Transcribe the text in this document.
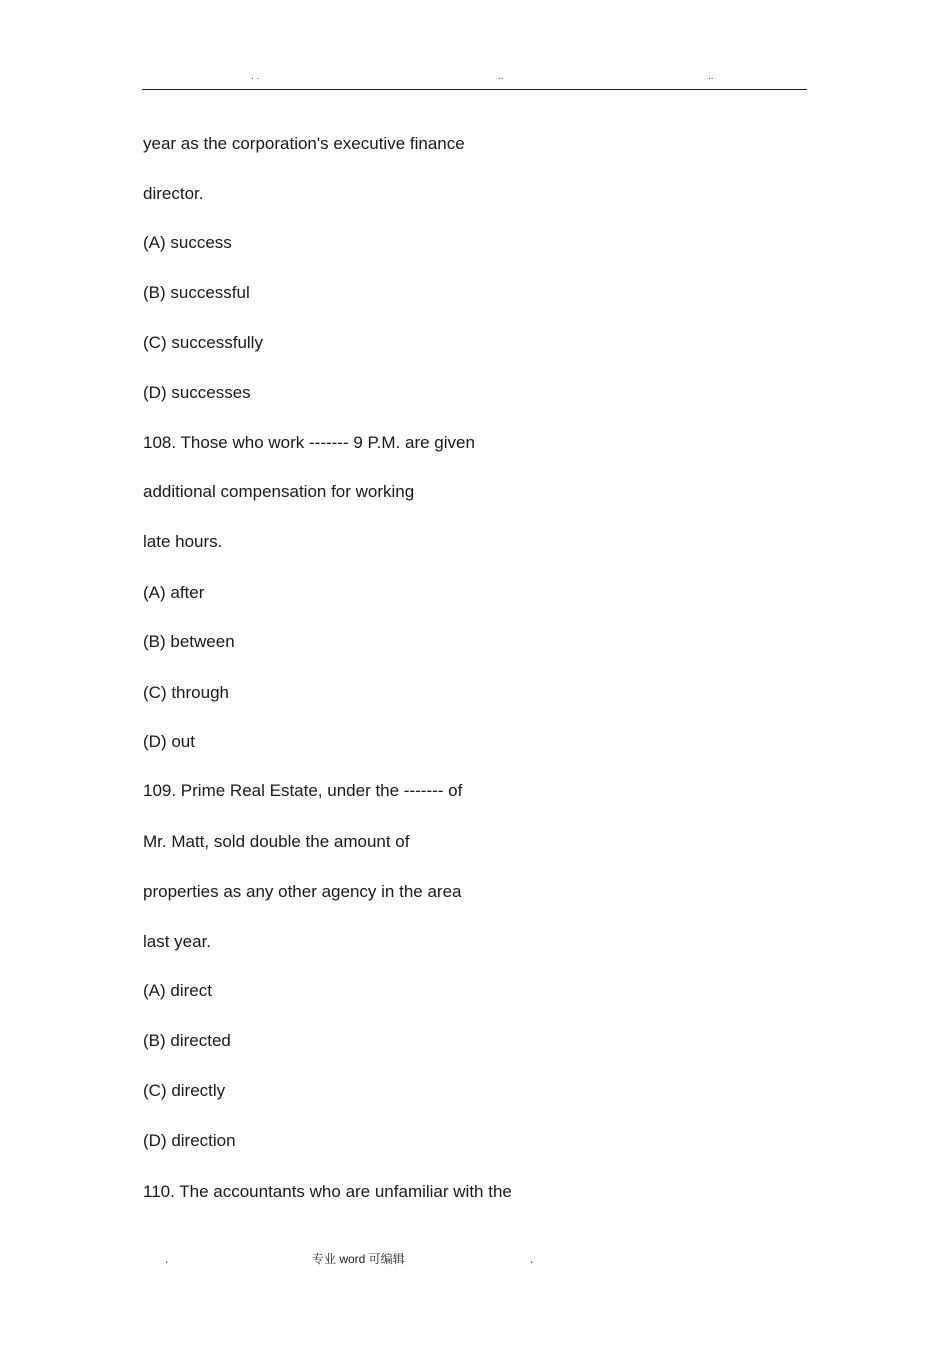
. .	..	..
year as the corporation's executive finance
director.
(A) success
(B) successful
(C) successfully
(D) successes
108. Those who work ------- 9 P.M. are given
additional compensation for working
late hours.
(A) after
(B) between
(C) through
(D) out
109. Prime Real Estate, under the ------- of
Mr. Matt, sold double the amount of
properties as any other agency in the area
last year.
(A) direct
(B) directed
(C) directly
(D) direction
110. The accountants who are unfamiliar with the
.	专业 word 可编辑	.
